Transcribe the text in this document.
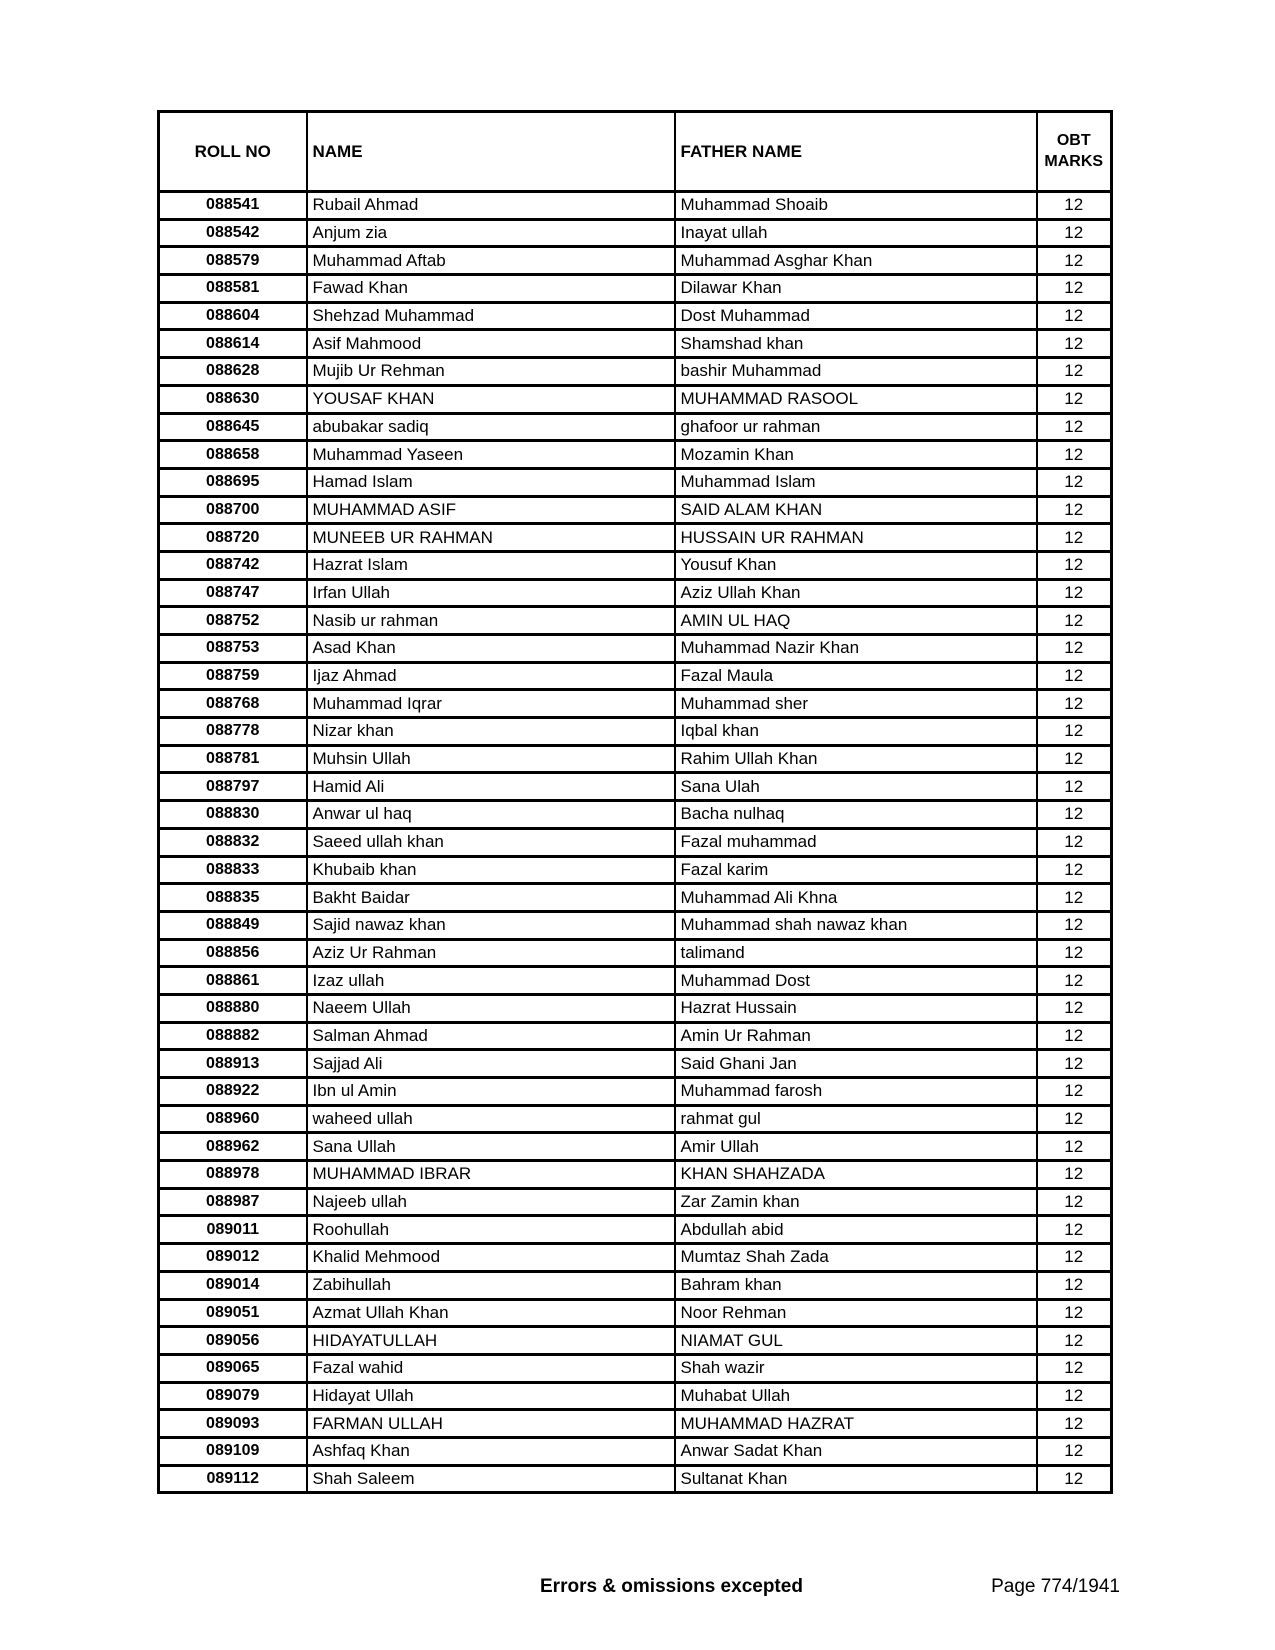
ROLL NO	NAME	FATHER NAME	OBT MARKS
088541	Rubail Ahmad	Muhammad Shoaib	12
088542	Anjum zia	Inayat ullah	12
088579	Muhammad Aftab	Muhammad Asghar Khan	12
088581	Fawad Khan	Dilawar Khan	12
088604	Shehzad Muhammad	Dost Muhammad	12
088614	Asif Mahmood	Shamshad khan	12
088628	Mujib Ur Rehman	bashir Muhammad	12
088630	YOUSAF KHAN	MUHAMMAD RASOOL	12
088645	abubakar sadiq	ghafoor ur rahman	12
088658	Muhammad Yaseen	Mozamin Khan	12
088695	Hamad Islam	Muhammad Islam	12
088700	MUHAMMAD ASIF	SAID ALAM KHAN	12
088720	MUNEEB UR RAHMAN	HUSSAIN UR RAHMAN	12
088742	Hazrat Islam	Yousuf Khan	12
088747	Irfan Ullah	Aziz Ullah Khan	12
088752	Nasib ur rahman	AMIN UL HAQ	12
088753	Asad Khan	Muhammad Nazir Khan	12
088759	Ijaz Ahmad	Fazal Maula	12
088768	Muhammad Iqrar	Muhammad sher	12
088778	Nizar khan	Iqbal khan	12
088781	Muhsin Ullah	Rahim Ullah Khan	12
088797	Hamid Ali	Sana Ulah	12
088830	Anwar ul haq	Bacha nulhaq	12
088832	Saeed ullah khan	Fazal muhammad	12
088833	Khubaib khan	Fazal karim	12
088835	Bakht Baidar	Muhammad Ali Khna	12
088849	Sajid nawaz khan	Muhammad shah nawaz khan	12
088856	Aziz Ur Rahman	talimand	12
088861	Izaz ullah	Muhammad Dost	12
088880	Naeem Ullah	Hazrat Hussain	12
088882	Salman Ahmad	Amin Ur Rahman	12
088913	Sajjad Ali	Said Ghani Jan	12
088922	Ibn ul Amin	Muhammad farosh	12
088960	waheed ullah	rahmat gul	12
088962	Sana Ullah	Amir Ullah	12
088978	MUHAMMAD IBRAR	KHAN SHAHZADA	12
088987	Najeeb ullah	Zar Zamin khan	12
089011	Roohullah	Abdullah abid	12
089012	Khalid Mehmood	Mumtaz Shah Zada	12
089014	Zabihullah	Bahram khan	12
089051	Azmat Ullah Khan	Noor Rehman	12
089056	HIDAYATULLAH	NIAMAT GUL	12
089065	Fazal wahid	Shah wazir	12
089079	Hidayat Ullah	Muhabat Ullah	12
089093	FARMAN ULLAH	MUHAMMAD HAZRAT	12
089109	Ashfaq Khan	Anwar Sadat Khan	12
089112	Shah Saleem	Sultanat Khan	12
Errors & omissions excepted	Page 774/1941
